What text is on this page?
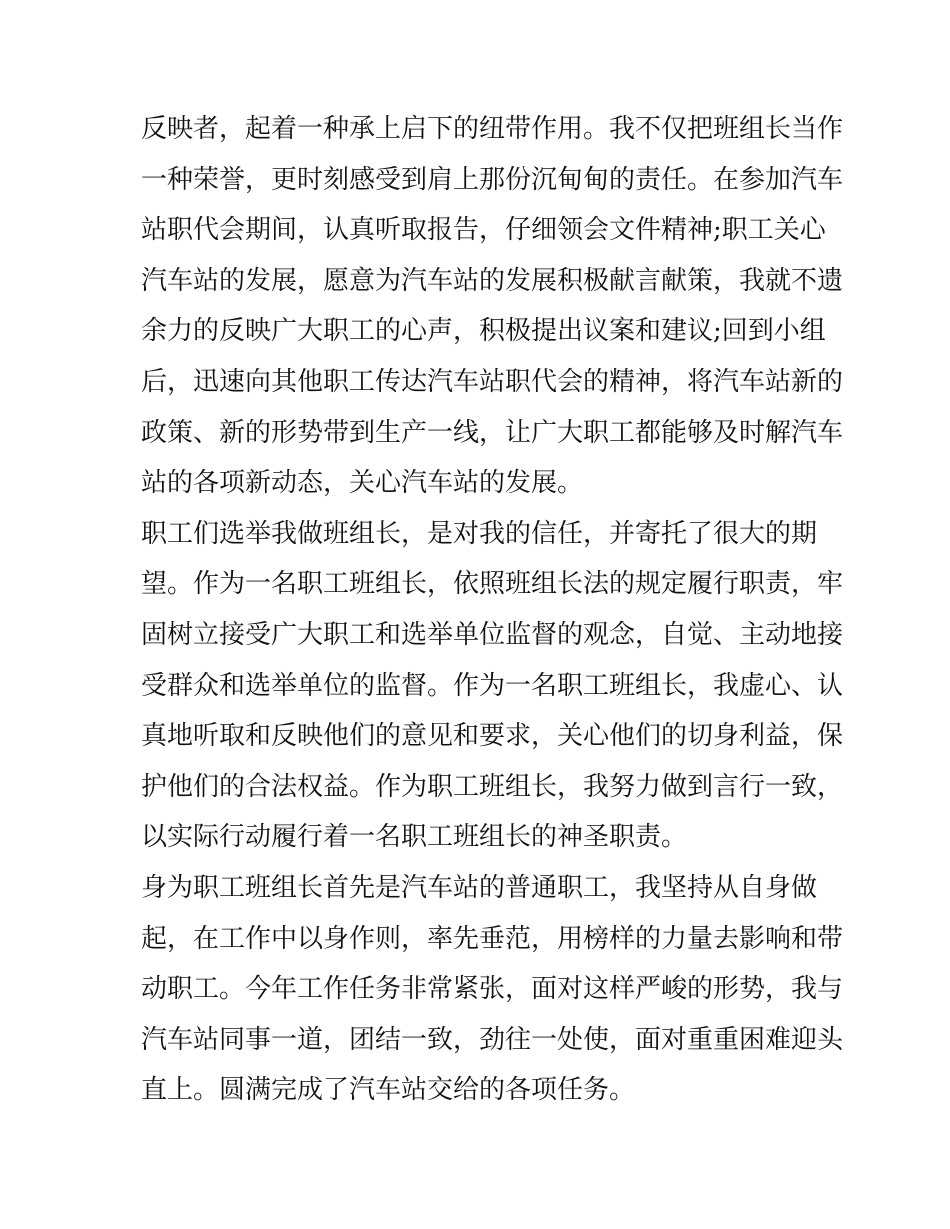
反映者，起着一种承上启下的纽带作用。我不仅把班组长当作
一种荣誉，更时刻感受到肩上那份沉甸甸的责任。在参加汽车
站职代会期间，认真听取报告，仔细领会文件精神;职工关心
汽车站的发展，愿意为汽车站的发展积极献言献策，我就不遗
余力的反映广大职工的心声，积极提出议案和建议;回到小组
后，迅速向其他职工传达汽车站职代会的精神，将汽车站新的
政策、新的形势带到生产一线，让广大职工都能够及时解汽车
站的各项新动态，关心汽车站的发展。
职工们选举我做班组长，是对我的信任，并寄托了很大的期
望。作为一名职工班组长，依照班组长法的规定履行职责，牢
固树立接受广大职工和选举单位监督的观念，自觉、主动地接
受群众和选举单位的监督。作为一名职工班组长，我虚心、认
真地听取和反映他们的意见和要求，关心他们的切身利益，保
护他们的合法权益。作为职工班组长，我努力做到言行一致，
以实际行动履行着一名职工班组长的神圣职责。
身为职工班组长首先是汽车站的普通职工，我坚持从自身做
起，在工作中以身作则，率先垂范，用榜样的力量去影响和带
动职工。今年工作任务非常紧张，面对这样严峻的形势，我与
汽车站同事一道，团结一致，劲往一处使，面对重重困难迎头
直上。圆满完成了汽车站交给的各项任务。
